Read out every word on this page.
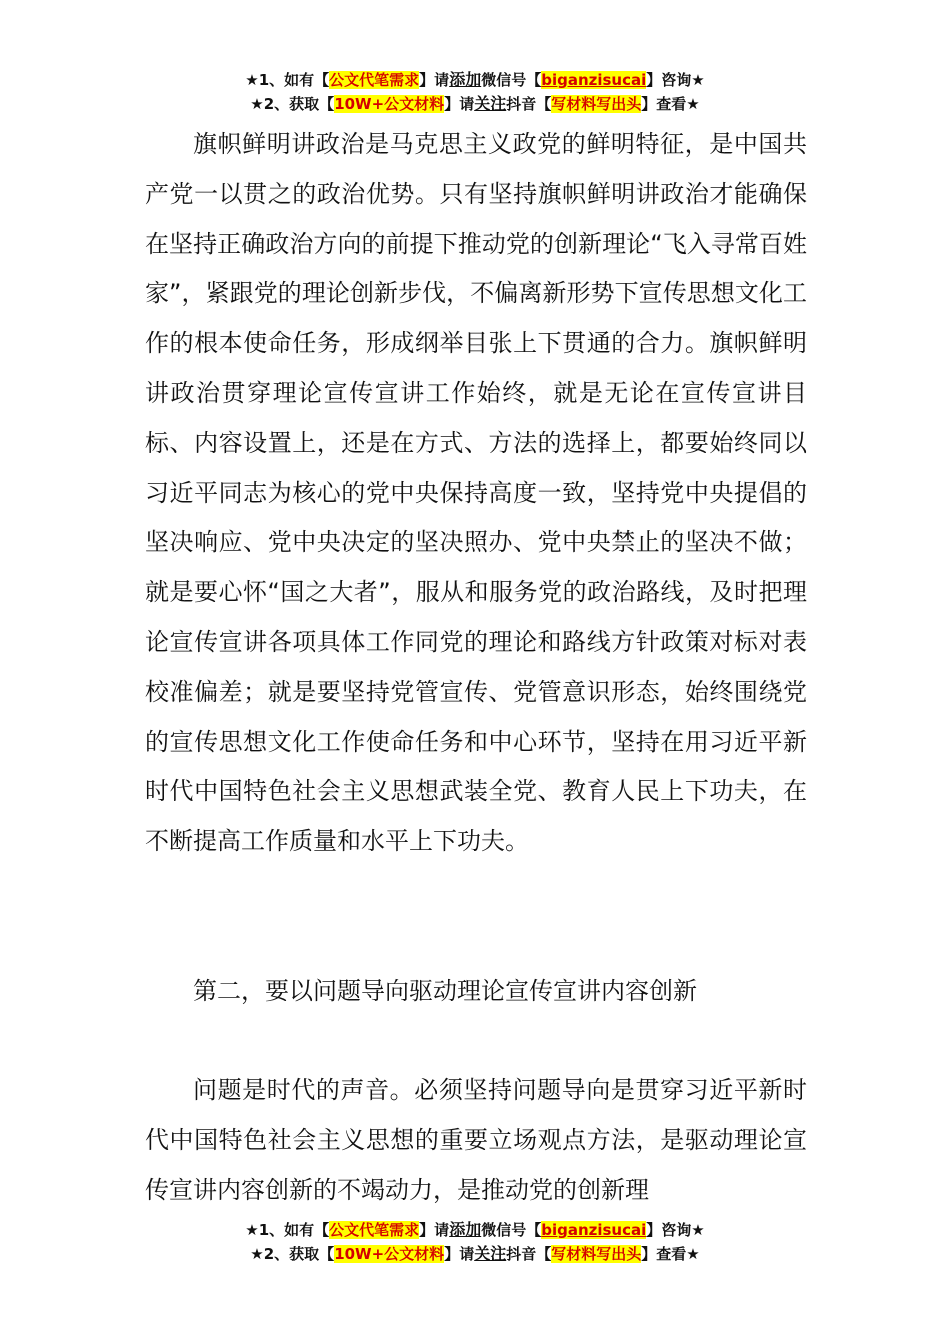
★1、如有【公文代笔需求】请添加微信号【biganzisucai】咨询★
★2、获取【10W+公文材料】请关注抖音【写材料写出头】查看★

旗帜鲜明讲政治是马克思主义政党的鲜明特征，是中国共产党一以贯之的政治优势。只有坚持旗帜鲜明讲政治才能确保在坚持正确政治方向的前提下推动党的创新理论“飞入寻常百姓家”，紧跟党的理论创新步伐，不偏离新形势下宣传思想文化工作的根本使命任务，形成纲举目张上下贯通的合力。旗帜鲜明讲政治贯穿理论宣传宣讲工作始终，就是无论在宣传宣讲目标、内容设置上，还是在方式、方法的选择上，都要始终同以习近平同志为核心的党中央保持高度一致，坚持党中央提倡的坚决响应、党中央决定的坚决照办、党中央禁止的坚决不做；就是要心怀“国之大者”，服从和服务党的政治路线，及时把理论宣传宣讲各项具体工作同党的理论和路线方针政策对标对表校准偏差；就是要坚持党管宣传、党管意识形态，始终围绕党的宣传思想文化工作使命任务和中心环节，坚持在用习近平新时代中国特色社会主义思想武装全党、教育人民上下功夫，在不断提高工作质量和水平上下功夫。

第二，要以问题导向驱动理论宣传宣讲内容创新

问题是时代的声音。必须坚持问题导向是贯穿习近平新时代中国特色社会主义思想的重要立场观点方法，是驱动理论宣传宣讲内容创新的不竭动力，是推动党的创新理

★1、如有【公文代笔需求】请添加微信号【biganzisucai】咨询★
★2、获取【10W+公文材料】请关注抖音【写材料写出头】查看★
